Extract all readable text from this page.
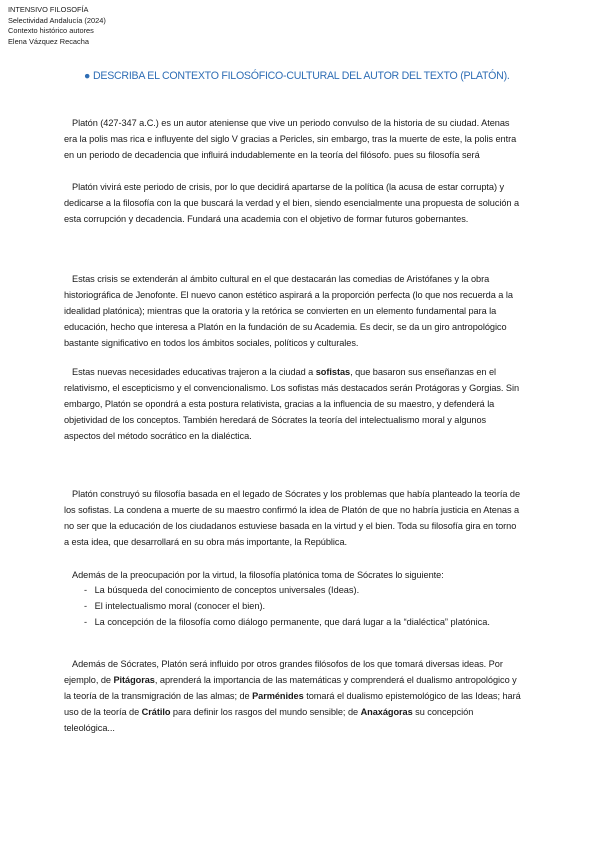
INTENSIVO FILOSOFÍA
Selectividad Andalucía (2024)
Contexto histórico autores
Elena Vázquez Recacha
● DESCRIBA EL CONTEXTO FILOSÓFICO-CULTURAL DEL AUTOR DEL TEXTO (PLATÓN).

Platón (427-347 a.C.) es un autor ateniense que vive un periodo convulso de la historia de su ciudad. Atenas era la polis mas rica e influyente del siglo V gracias a Pericles, sin embargo, tras la muerte de este, la polis entra en un periodo de decadencia que influirá indudablemente en la teoría del filósofo. pues su filosofía será

Platón vivirá este periodo de crisis, por lo que decidirá apartarse de la política (la acusa de estar corrupta) y dedicarse a la filosofía con la que buscará la verdad y el bien, siendo esencialmente una propuesta de solución a esta corrupción y decadencia. Fundará una academia con el objetivo de formar futuros gobernantes.

Estas crisis se extenderán al ámbito cultural en el que destacarán las comedias de Aristófanes y la obra historiográfica de Jenofonte. El nuevo canon estético aspirará a la proporción perfecta (lo que nos recuerda a la idealidad platónica); mientras que la oratoria y la retórica se convierten en un elemento fundamental para la educación, hecho que interesa a Platón en la fundación de su Academia. Es decir, se da un giro antropológico bastante significativo en todos los ámbitos sociales, políticos y culturales.

Estas nuevas necesidades educativas trajeron a la ciudad a sofistas, que basaron sus enseñanzas en el relativismo, el escepticismo y el convencionalismo. Los sofistas más destacados serán Protágoras y Gorgias. Sin embargo, Platón se opondrá a esta postura relativista, gracias a la influencia de su maestro, y defenderá la objetividad de los conceptos. También heredará de Sócrates la teoría del intelectualismo moral y algunos aspectos del método socrático en la dialéctica.

Platón construyó su filosofía basada en el legado de Sócrates y los problemas que había planteado la teoría de los sofistas. La condena a muerte de su maestro confirmó la idea de Platón de que no habría justicia en Atenas a no ser que la educación de los ciudadanos estuviese basada en la virtud y el bien. Toda su filosofía gira en torno a esta idea, que desarrollará en su obra más importante, la República.

Además de la preocupación por la virtud, la filosofía platónica toma de Sócrates lo siguiente:

- La búsqueda del conocimiento de conceptos universales (Ideas).
- El intelectualismo moral (conocer el bien).
- La concepción de la filosofía como diálogo permanente, que dará lugar a la “dialéctica” platónica.

Además de Sócrates, Platón será influido por otros grandes filósofos de los que tomará diversas ideas. Por ejemplo, de Pitágoras, aprenderá la importancia de las matemáticas y comprenderá el dualismo antropológico y la teoría de la transmigración de las almas; de Parménides tomará el dualismo epistemológico de las Ideas; hará uso de la teoría de Crátilo para definir los rasgos del mundo sensible; de Anaxágoras su concepción teleológica...
